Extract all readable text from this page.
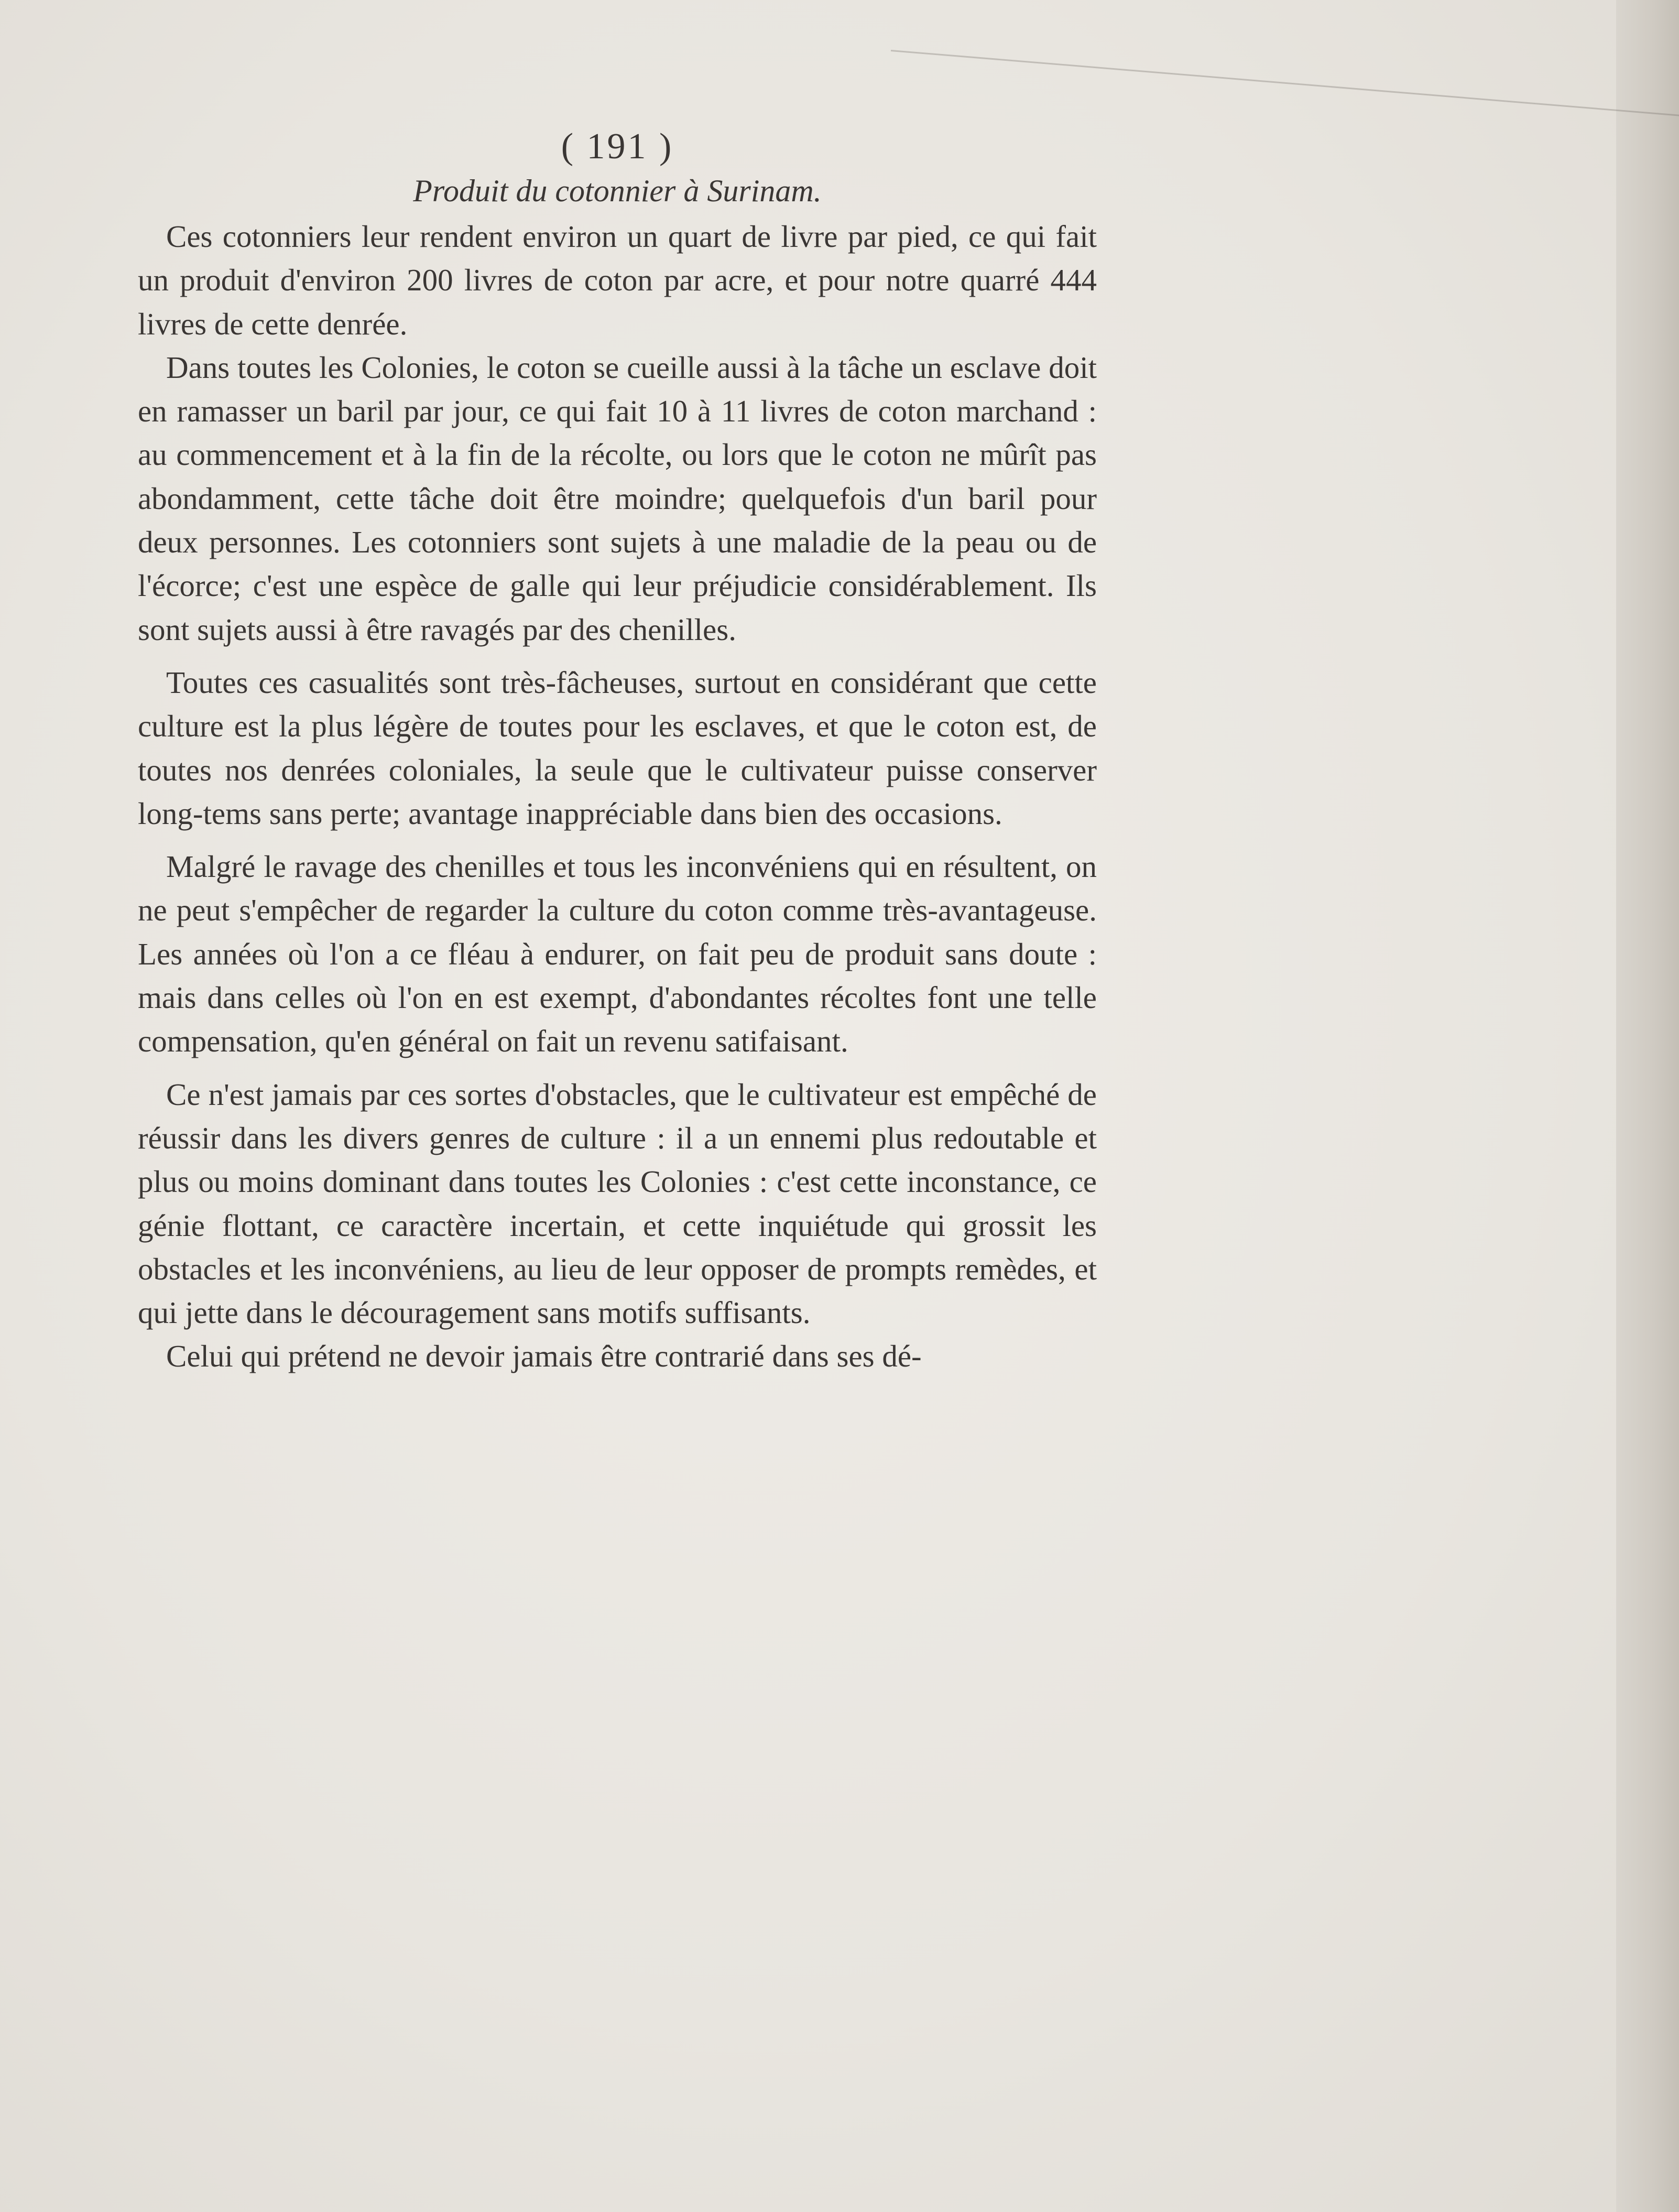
( 191 )
Produit du cotonnier à Surinam.

Ces cotonniers leur rendent environ un quart de livre par pied, ce qui fait un produit d'environ 200 livres de coton par acre, et pour notre quarré 444 livres de cette denrée.

Dans toutes les Colonies, le coton se cueille aussi à la tâche un esclave doit en ramasser un baril par jour, ce qui fait 10 à 11 livres de coton marchand : au commencement et à la fin de la récolte, ou lors que le coton ne mûrît pas abondamment, cette tâche doit être moindre; quelquefois d'un baril pour deux personnes. Les cotonniers sont sujets à une maladie de la peau ou de l'écorce; c'est une espèce de galle qui leur préjudicie considérablement. Ils sont sujets aussi à être ravagés par des chenilles.

Toutes ces casualités sont très-fâcheuses, surtout en considérant que cette culture est la plus légère de toutes pour les esclaves, et que le coton est, de toutes nos denrées coloniales, la seule que le cultivateur puisse conserver long-tems sans perte; avantage inappréciable dans bien des occasions.

Malgré le ravage des chenilles et tous les inconvéniens qui en résultent, on ne peut s'empêcher de regarder la culture du coton comme très-avantageuse. Les années où l'on a ce fléau à endurer, on fait peu de produit sans doute : mais dans celles où l'on en est exempt, d'abondantes récoltes font une telle compensation, qu'en général on fait un revenu satifaisant.

Ce n'est jamais par ces sortes d'obstacles, que le cultivateur est empêché de réussir dans les divers genres de culture : il a un ennemi plus redoutable et plus ou moins dominant dans toutes les Colonies : c'est cette inconstance, ce génie flottant, ce caractère incertain, et cette inquiétude qui grossit les obstacles et les inconvéniens, au lieu de leur opposer de prompts remèdes, et qui jette dans le découragement sans motifs suffisants.

Celui qui prétend ne devoir jamais être contrarié dans ses dé-
